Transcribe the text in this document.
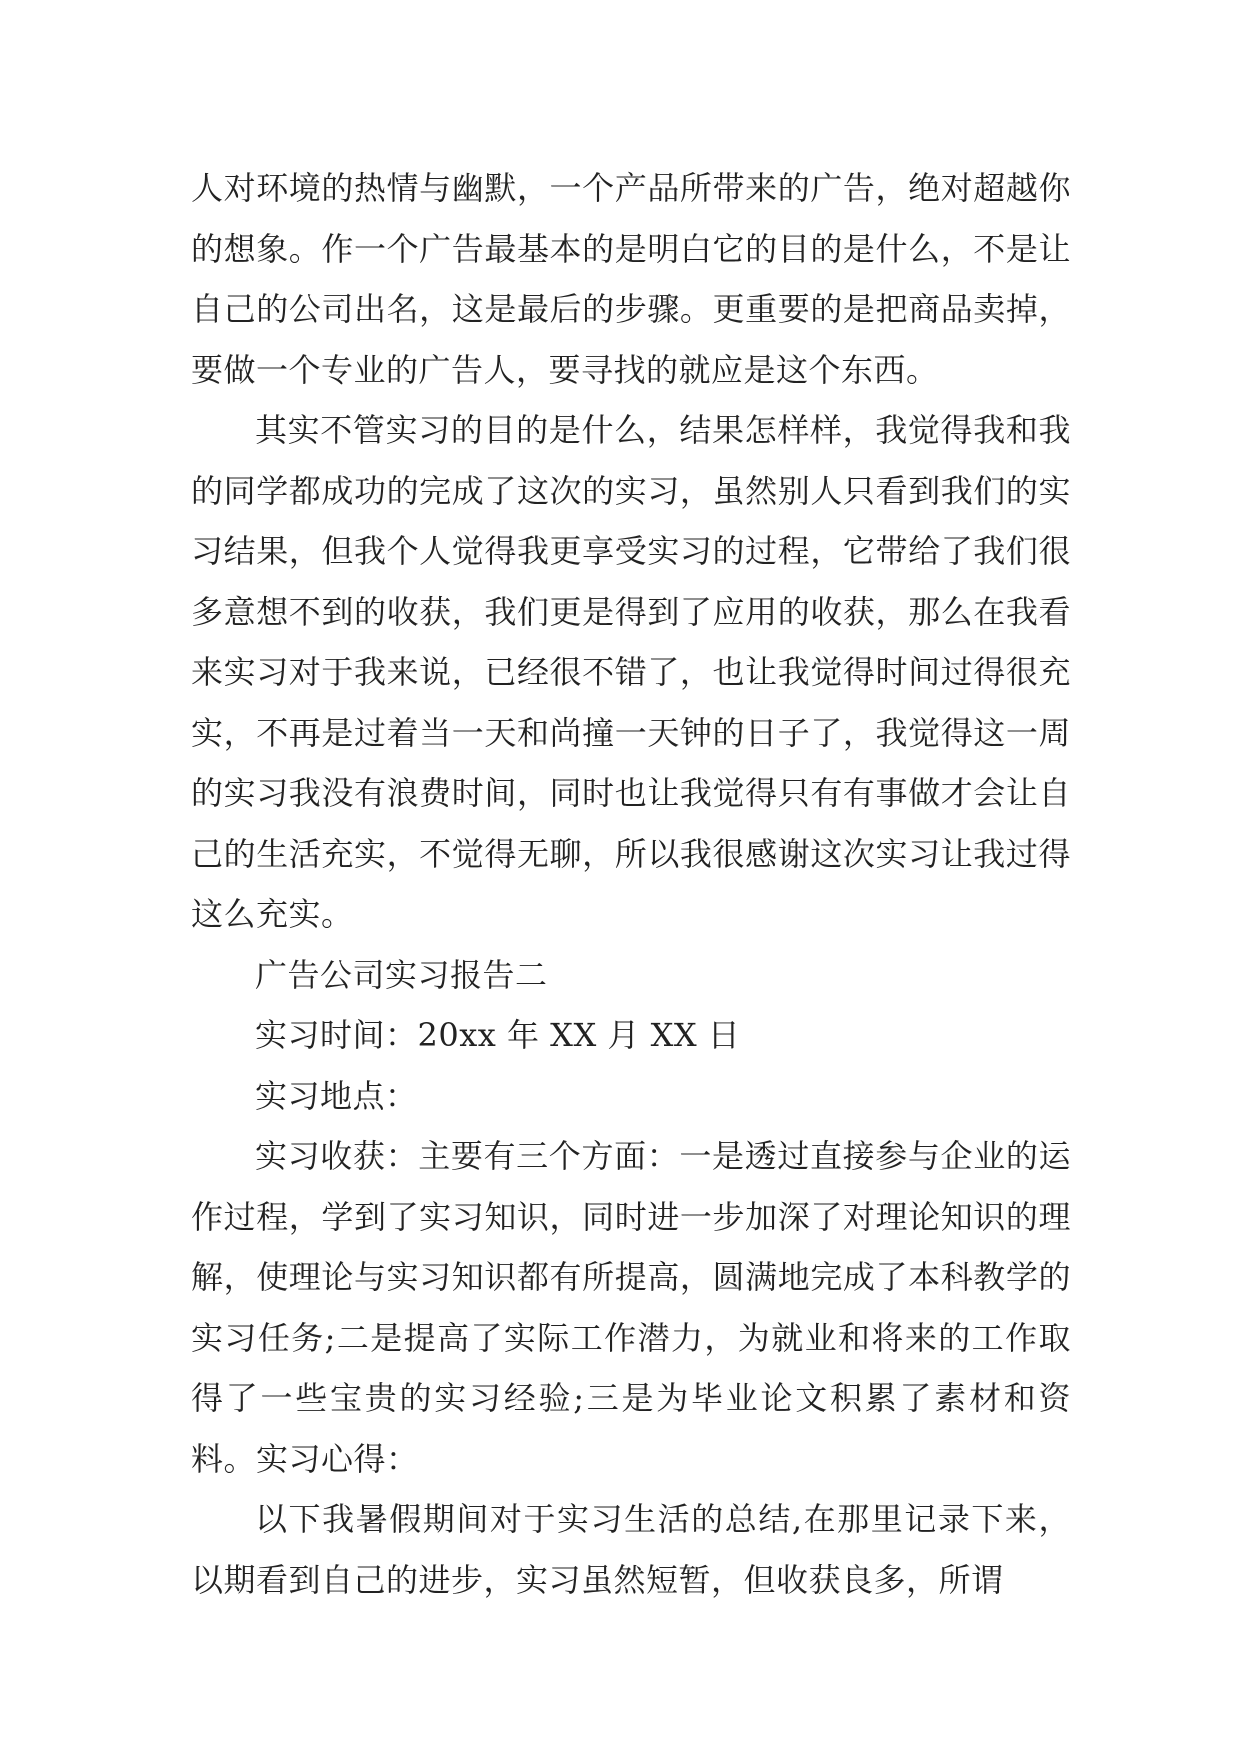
人对环境的热情与幽默，一个产品所带来的广告，绝对超越你的想象。作一个广告最基本的是明白它的目的是什么，不是让自己的公司出名，这是最后的步骤。更重要的是把商品卖掉，要做一个专业的广告人，要寻找的就应是这个东西。

其实不管实习的目的是什么，结果怎样样，我觉得我和我的同学都成功的完成了这次的实习，虽然别人只看到我们的实习结果，但我个人觉得我更享受实习的过程，它带给了我们很多意想不到的收获，我们更是得到了应用的收获，那么在我看来实习对于我来说，已经很不错了，也让我觉得时间过得很充实，不再是过着当一天和尚撞一天钟的日子了，我觉得这一周的实习我没有浪费时间，同时也让我觉得只有有事做才会让自己的生活充实，不觉得无聊，所以我很感谢这次实习让我过得这么充实。

广告公司实习报告二

实习时间：20xx 年 XX 月 XX 日

实习地点：

实习收获：主要有三个方面：一是透过直接参与企业的运作过程，学到了实习知识，同时进一步加深了对理论知识的理解，使理论与实习知识都有所提高，圆满地完成了本科教学的实习任务;二是提高了实际工作潜力，为就业和将来的工作取得了一些宝贵的实习经验;三是为毕业论文积累了素材和资料。实习心得：

以下我暑假期间对于实习生活的总结,在那里记录下来，以期看到自己的进步，实习虽然短暂，但收获良多，所谓
